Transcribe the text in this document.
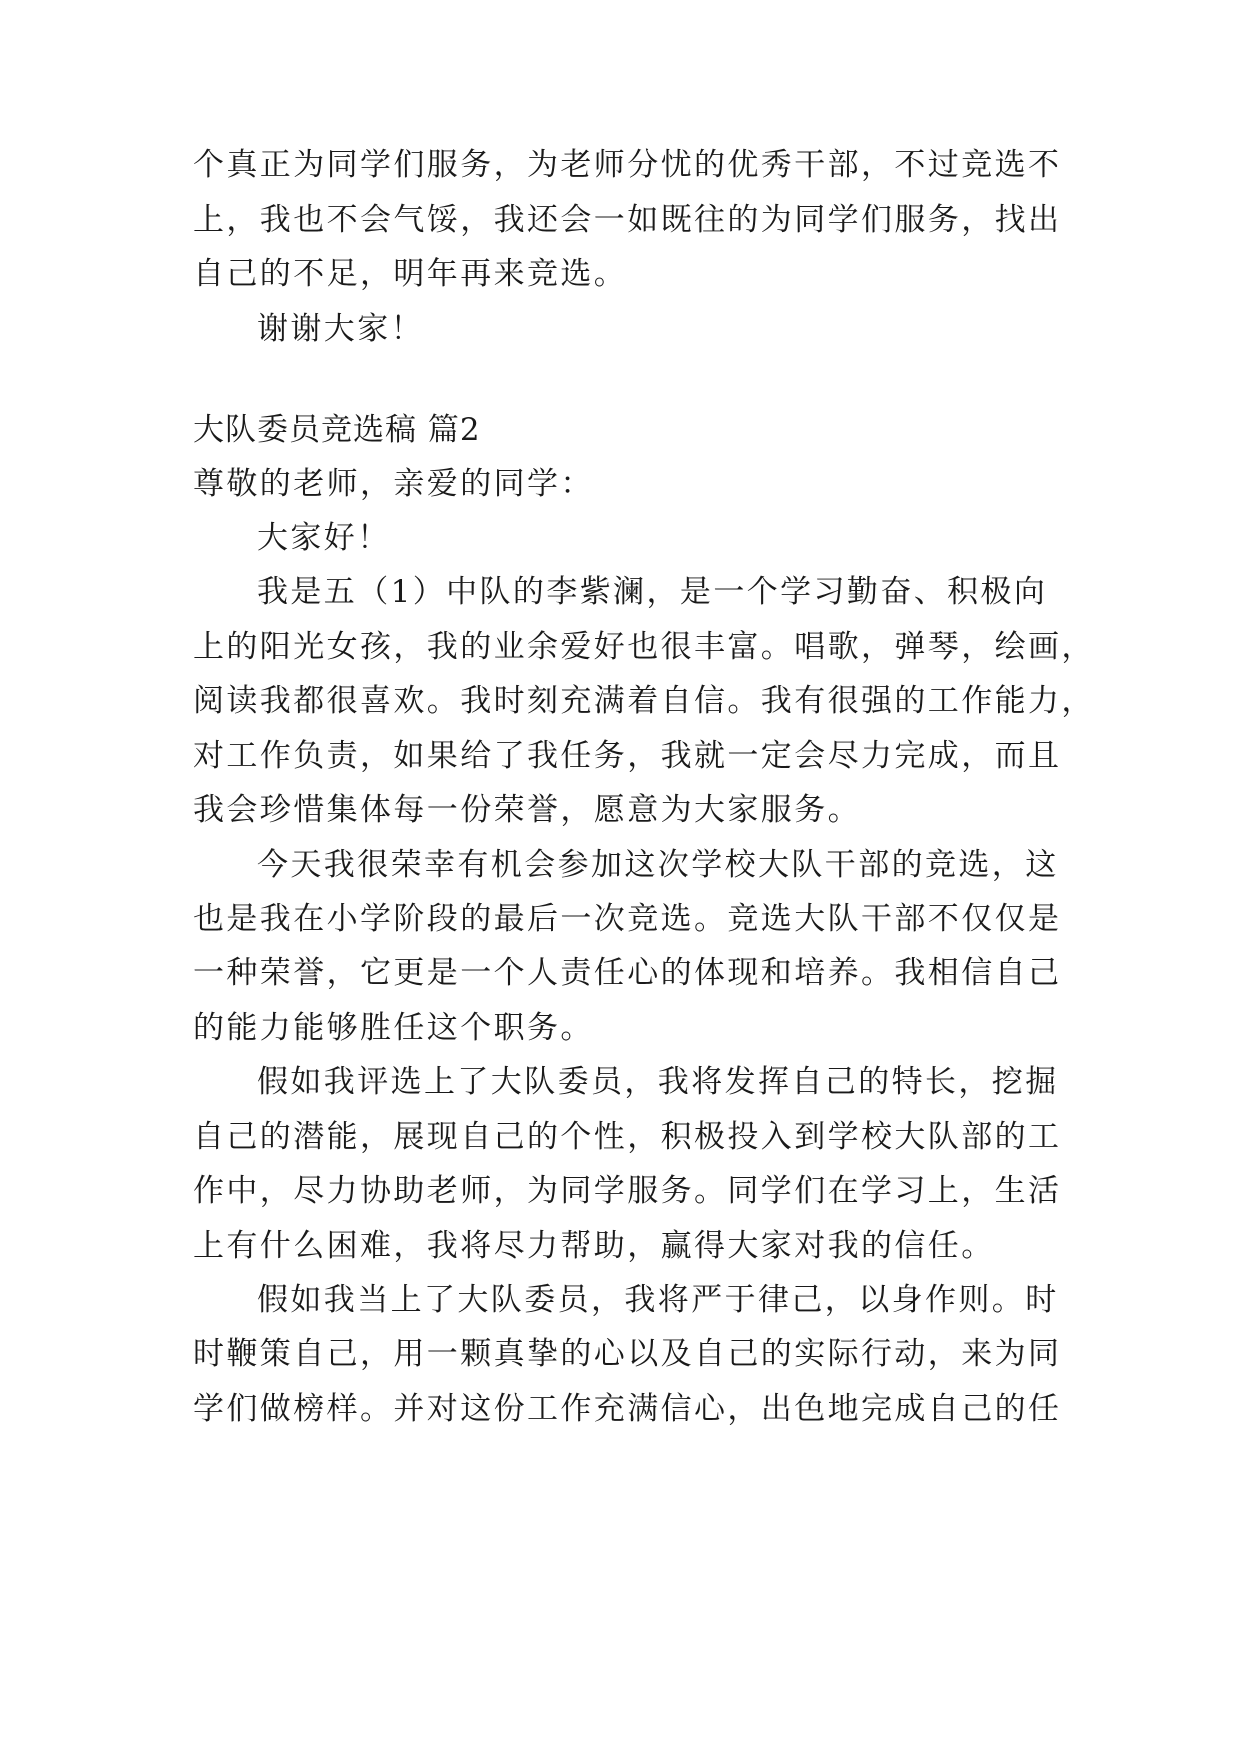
个真正为同学们服务，为老师分忧的优秀干部，不过竞选不
上，我也不会气馁，我还会一如既往的为同学们服务，找出
自己的不足，明年再来竞选。
谢谢大家！
大队委员竞选稿 篇2
尊敬的老师，亲爱的同学：
大家好！
我是五（1）中队的李紫澜，是一个学习勤奋、积极向
上的阳光女孩，我的业余爱好也很丰富。唱歌，弹琴，绘画，
阅读我都很喜欢。我时刻充满着自信。我有很强的工作能力，
对工作负责，如果给了我任务，我就一定会尽力完成，而且
我会珍惜集体每一份荣誉，愿意为大家服务。
今天我很荣幸有机会参加这次学校大队干部的竞选，这
也是我在小学阶段的最后一次竞选。竞选大队干部不仅仅是
一种荣誉，它更是一个人责任心的体现和培养。我相信自己
的能力能够胜任这个职务。
假如我评选上了大队委员，我将发挥自己的特长，挖掘
自己的潜能，展现自己的个性，积极投入到学校大队部的工
作中，尽力协助老师，为同学服务。同学们在学习上，生活
上有什么困难，我将尽力帮助，赢得大家对我的信任。
假如我当上了大队委员，我将严于律己，以身作则。时
时鞭策自己，用一颗真挚的心以及自己的实际行动，来为同
学们做榜样。并对这份工作充满信心，出色地完成自己的任
